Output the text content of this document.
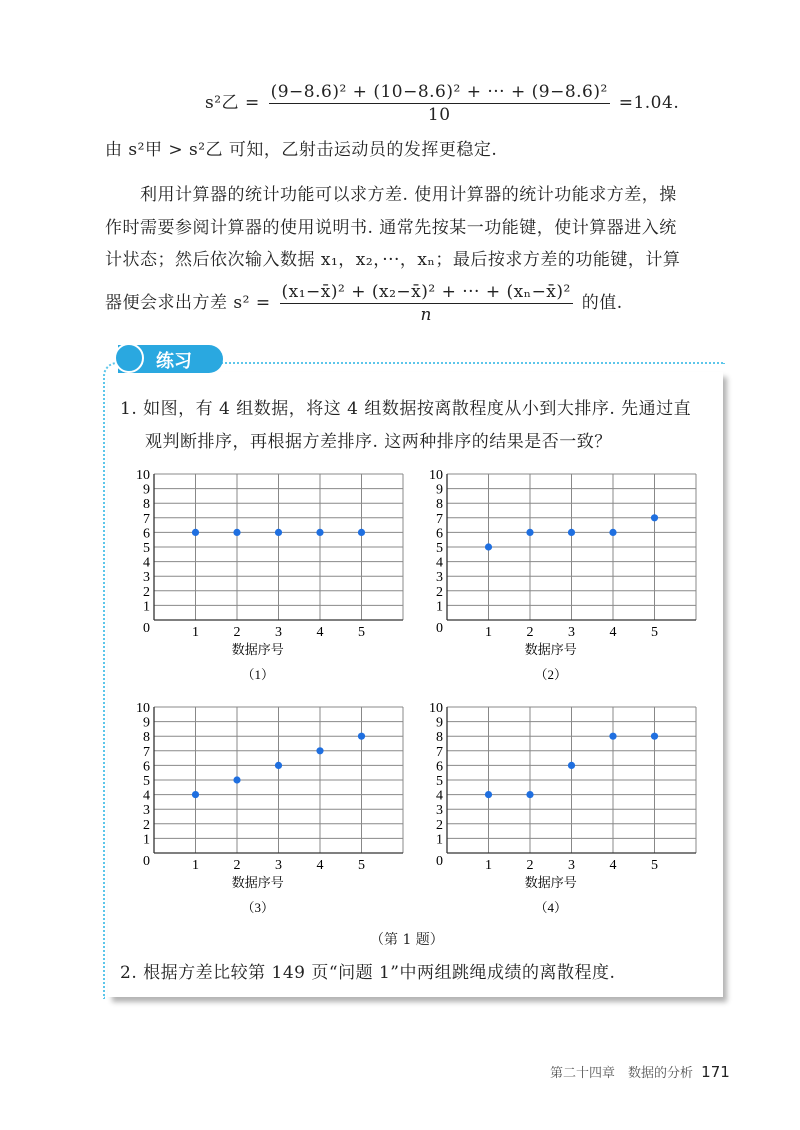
s²乙 = $\frac{\text{(9−8.6)² + (10−8.6)² + ··· + (9−8.6)²}}{10} =1.04$.
由 s²甲 > s²乙 可知，乙射击运动员的发挥更稳定.
利用计算器的统计功能可以求方差. 使用计算器的统计功能求方差，操
作时需要参阅计算器的使用说明书. 通常先按某一功能键，使计算器进入统
计状态；然后依次输入数据 x₁，x₂，···，xₙ；最后按求方差的功能键，计算
器便会求出方差 $s^2 = \frac{\text{(x₁−x̄)² + (x₂−x̄)² + ··· + (xₙ−x̄)²}}{n}$ 的值.
练习
1. 如图，有 4 组数据，将这 4 组数据按离散程度从小到大排序. 先通过直
观判断排序，再根据方差排序. 这两种排序的结果是否一致？
0
1
2
3
4
5
6
7
8
9
10
1 2 3 4 5
数据序号
（1）
0
1
2
3
4
5
6
7
8
9
10
1 2 3 4 5
数据序号
（2）
0
1
2
3
4
5
6
7
8
9
10
1 2 3 4 5
数据序号
（3）
0
1
2
3
4
5
6
7
8
9
10
1 2 3 4 5
数据序号
（4）
（第 1 题）
2. 根据方差比较第 149 页“问题 1”中两组跳绳成绩的离散程度.
第二十四章　数据的分析 171
